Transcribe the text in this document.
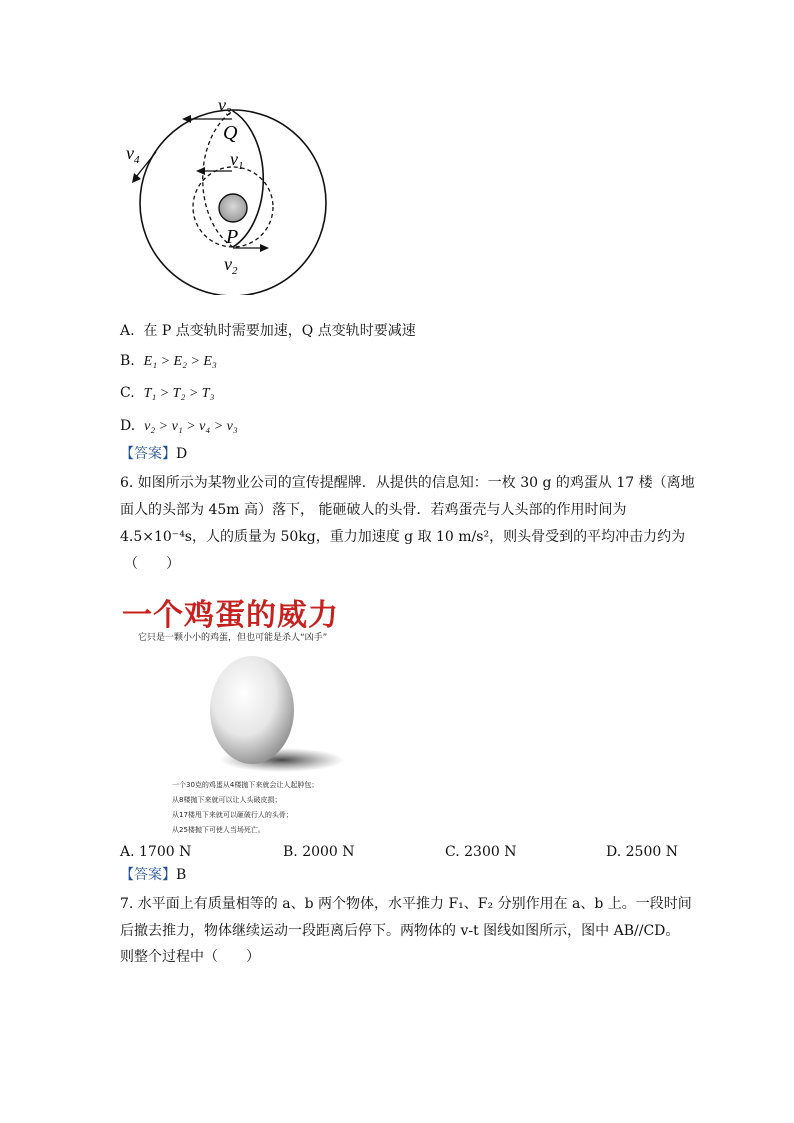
$v_3$
Q
$v_1$
$v_4$
P
$v_2$
A. 在 P 点变轨时需要加速，Q 点变轨时要减速
B. E₁ > E₂ > E₃
C. T₁ > T₂ > T₃
D. v₂ > v₁ > v₄ > v₃
【答案】D
6. 如图所示为某物业公司的宣传提醒牌．从提供的信息知：一枚 30 g 的鸡蛋从 17 楼（离地
面人的头部为 45m 高）落下， 能砸破人的头骨．若鸡蛋壳与人头部的作用时间为
4.5×10⁻⁴s，人的质量为 50kg，重力加速度 g 取 10 m/s²，则头骨受到的平均冲击力约为
（　　）
一个鸡蛋的威力
它只是一颗小小的鸡蛋，但也可能是杀人“凶手”
一个30克的鸡蛋从4楼抛下来就会让人起肿包；
从8楼抛下来就可以让人头破皮损；
从17楼甩下来就可以砸破行人的头骨；
从25楼抛下可使人当场死亡。
A. 1700 N	B. 2000 N	C. 2300 N	D. 2500 N
【答案】B
7. 水平面上有质量相等的 a、b 两个物体，水平推力 F₁、F₂ 分别作用在 a、b 上。一段时间
后撤去推力，物体继续运动一段距离后停下。两物体的 v-t 图线如图所示，图中 AB//CD。
则整个过程中（　　）
